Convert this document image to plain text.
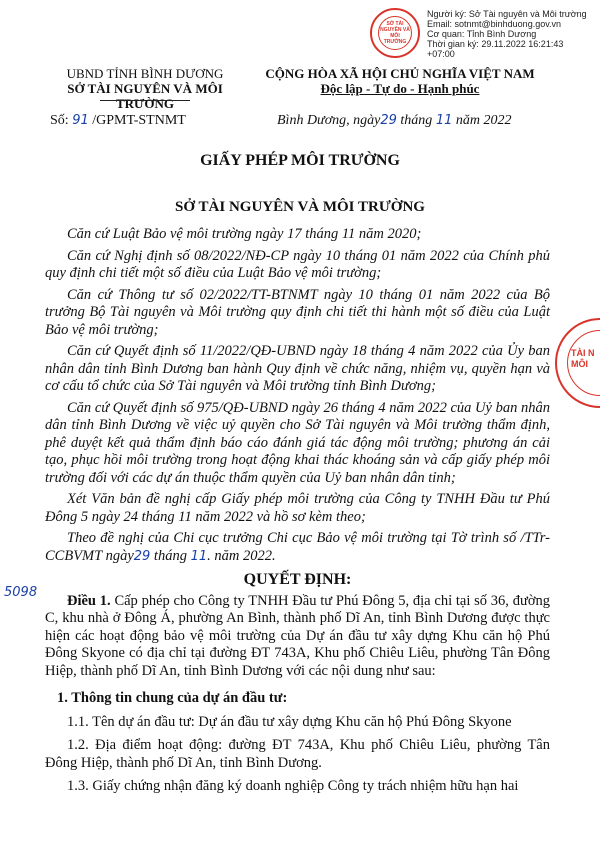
SỞ TÀI NGUYÊN VÀ MÔI TRƯỜNG
Người ký: Sở Tài nguyên và Môi trường
Email: sotnmt@binhduong.gov.vn
Cơ quan: Tỉnh Bình Dương
Thời gian ký: 29.11.2022 16:21:43
+07:00
TÀI N
MÔI
UBND TỈNH BÌNH DƯƠNG
SỞ TÀI NGUYÊN VÀ MÔI TRƯỜNG
CỘNG HÒA XÃ HỘI CHỦ NGHĨA VIỆT NAM
Độc lập - Tự do - Hạnh phúc
Số: 91 /GPMT-STNMT	Bình Dương, ngày29 tháng 11 năm 2022
GIẤY PHÉP MÔI TRƯỜNG
SỞ TÀI NGUYÊN VÀ MÔI TRƯỜNG
5098

Căn cứ Luật Bảo vệ môi trường ngày 17 tháng 11 năm 2020;

Căn cứ Nghị định số 08/2022/NĐ-CP ngày 10 tháng 01 năm 2022 của Chính phủ quy định chi tiết một số điều của Luật Bảo vệ môi trường;

Căn cứ Thông tư số 02/2022/TT-BTNMT ngày 10 tháng 01 năm 2022 của Bộ trưởng Bộ Tài nguyên và Môi trường quy định chi tiết thi hành một số điều của Luật Bảo vệ môi trường;

Căn cứ Quyết định số 11/2022/QĐ-UBND ngày 18 tháng 4 năm 2022 của Ủy ban nhân dân tỉnh Bình Dương ban hành Quy định về chức năng, nhiệm vụ, quyền hạn và cơ cấu tổ chức của Sở Tài nguyên và Môi trường tỉnh Bình Dương;

Căn cứ Quyết định số 975/QĐ-UBND ngày 26 tháng 4 năm 2022 của Uỷ ban nhân dân tỉnh Bình Dương về việc uỷ quyền cho Sở Tài nguyên và Môi trường thẩm định, phê duyệt kết quả thẩm định báo cáo đánh giá tác động môi trường; phương án cải tạo, phục hồi môi trường trong hoạt động khai thác khoáng sản và cấp giấy phép môi trường đối với các dự án thuộc thẩm quyền của Uỷ ban nhân dân tỉnh;

Xét Văn bản đề nghị cấp Giấy phép môi trường của Công ty TNHH Đầu tư Phú Đông 5 ngày 24 tháng 11 năm 2022 và hồ sơ kèm theo;

Theo đề nghị của Chi cục trưởng Chi cục Bảo vệ môi trường tại Tờ trình số /TTr-CCBVMT ngày29 tháng 11. năm 2022.

QUYẾT ĐỊNH:

Điều 1. Cấp phép cho Công ty TNHH Đầu tư Phú Đông 5, địa chỉ tại số 36, đường C, khu nhà ở Đông Á, phường An Bình, thành phố Dĩ An, tỉnh Bình Dương được thực hiện các hoạt động bảo vệ môi trường của Dự án đầu tư xây dựng Khu căn hộ Phú Đông Skyone có địa chỉ tại đường ĐT 743A, Khu phố Chiêu Liêu, phường Tân Đông Hiệp, thành phố Dĩ An, tỉnh Bình Dương với các nội dung như sau:

1. Thông tin chung của dự án đầu tư:

1.1. Tên dự án đầu tư: Dự án đầu tư xây dựng Khu căn hộ Phú Đông Skyone

1.2. Địa điểm hoạt động: đường ĐT 743A, Khu phố Chiêu Liêu, phường Tân Đông Hiệp, thành phố Dĩ An, tỉnh Bình Dương.

1.3. Giấy chứng nhận đăng ký doanh nghiệp Công ty trách nhiệm hữu hạn hai
